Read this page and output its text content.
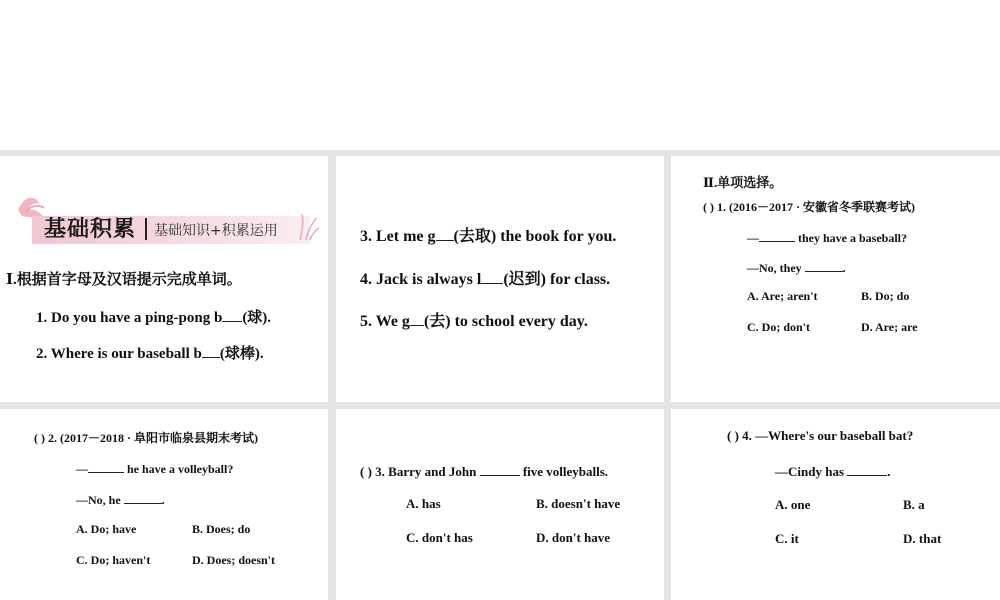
基础积累 基础知识+积累运用
Ⅰ.根据首字母及汉语提示完成单词。
1. Do you have a ping-pong b (球).
2. Where is our baseball b (球棒).
3. Let me g (去取) the book for you.
4. Jack is always l (迟到) for class.
5. We g (去) to school every day.
Ⅱ.单项选择。
( ) 1. (2016－2017 · 安徽省冬季联赛考试)
—	they have a baseball?
—No, they	.
A. Are; aren't	B. Do; do
C. Do; don't	D. Are; are
( ) 2. (2017－2018 · 阜阳市临泉县期末考试)
—	he have a volleyball?
—No, he	.
A. Do; have	B. Does; do
C. Do; haven't	D. Does; doesn't
( ) 3. Barry and John	five volleyballs.
A. has	B. doesn't have
C. don't has	D. don't have
( ) 4. —Where's our baseball bat?
—Cindy has	.
A. one	B. a
C. it	D. that
